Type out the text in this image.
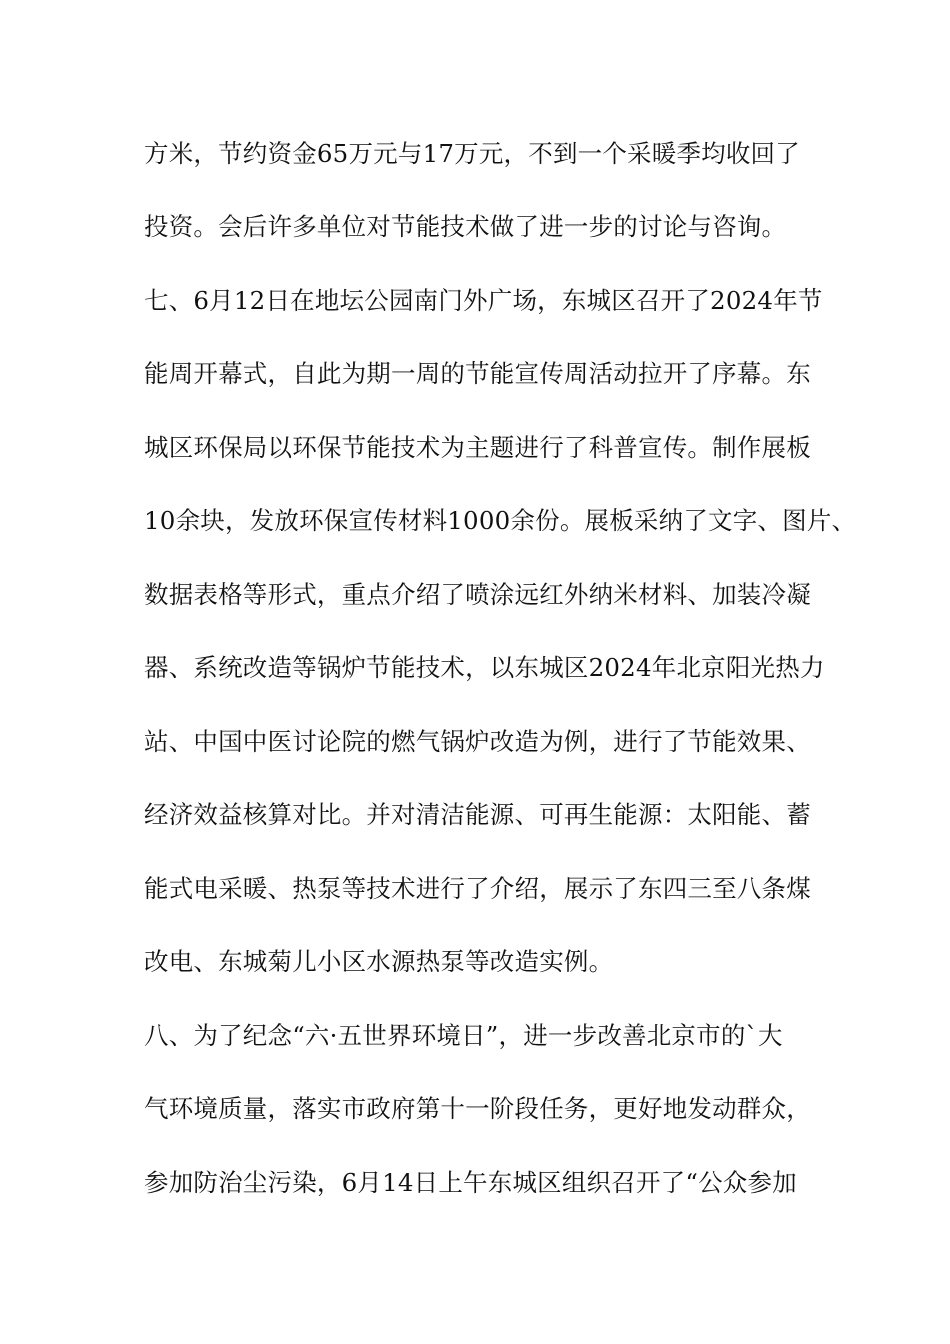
方米，节约资金65万元与17万元，不到一个采暖季均收回了
投资。会后许多单位对节能技术做了进一步的讨论与咨询。
七、6月12日在地坛公园南门外广场，东城区召开了2024年节
能周开幕式，自此为期一周的节能宣传周活动拉开了序幕。东
城区环保局以环保节能技术为主题进行了科普宣传。制作展板
10余块，发放环保宣传材料1000余份。展板采纳了文字、图片、
数据表格等形式，重点介绍了喷涂远红外纳米材料、加装冷凝
器、系统改造等锅炉节能技术，以东城区2024年北京阳光热力
站、中国中医讨论院的燃气锅炉改造为例，进行了节能效果、
经济效益核算对比。并对清洁能源、可再生能源：太阳能、蓄
能式电采暖、热泵等技术进行了介绍，展示了东四三至八条煤
改电、东城菊儿小区水源热泵等改造实例。
八、为了纪念“六·五世界环境日”，进一步改善北京市的`大
气环境质量，落实市政府第十一阶段任务，更好地发动群众，
参加防治尘污染，6月14日上午东城区组织召开了“公众参加
